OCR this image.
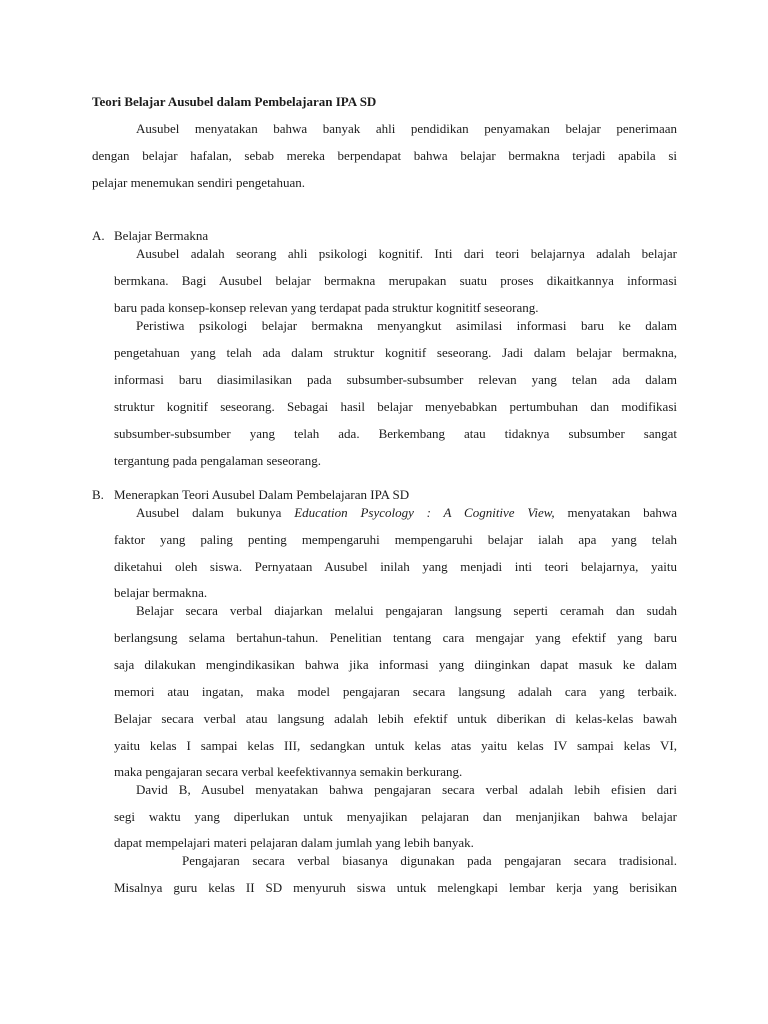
Teori Belajar Ausubel dalam Pembelajaran IPA SD
Ausubel menyatakan bahwa banyak ahli pendidikan penyamakan belajar penerimaan
dengan belajar hafalan, sebab mereka berpendapat bahwa belajar bermakna terjadi apabila si
pelajar menemukan sendiri pengetahuan.
A. Belajar Bermakna
Ausubel adalah seorang ahli psikologi kognitif. Inti dari teori belajarnya adalah belajar
bermkana. Bagi Ausubel belajar bermakna merupakan suatu proses dikaitkannya informasi
baru pada konsep-konsep relevan yang terdapat pada struktur kognititf seseorang.
Peristiwa psikologi belajar bermakna menyangkut asimilasi informasi baru ke dalam
pengetahuan yang telah ada dalam struktur kognitif seseorang. Jadi dalam belajar bermakna,
informasi baru diasimilasikan pada subsumber-subsumber relevan yang telan ada dalam
struktur kognitif seseorang. Sebagai hasil belajar menyebabkan pertumbuhan dan modifikasi
subsumber-subsumber yang telah ada. Berkembang atau tidaknya subsumber sangat
tergantung pada pengalaman seseorang.
B. Menerapkan Teori Ausubel Dalam Pembelajaran IPA SD
Ausubel dalam bukunya Education Psycology : A Cognitive View, menyatakan bahwa
faktor yang paling penting mempengaruhi mempengaruhi belajar ialah apa yang telah
diketahui oleh siswa. Pernyataan Ausubel inilah yang menjadi inti teori belajarnya, yaitu
belajar bermakna.
Belajar secara verbal diajarkan melalui pengajaran langsung seperti ceramah dan sudah
berlangsung selama bertahun-tahun. Penelitian tentang cara mengajar yang efektif yang baru
saja dilakukan mengindikasikan bahwa jika informasi yang diinginkan dapat masuk ke dalam
memori atau ingatan, maka model pengajaran secara langsung adalah cara yang terbaik.
Belajar secara verbal atau langsung adalah lebih efektif untuk diberikan di kelas-kelas bawah
yaitu kelas I sampai kelas III, sedangkan untuk kelas atas yaitu kelas IV sampai kelas VI,
maka pengajaran secara verbal keefektivannya semakin berkurang.
David B, Ausubel menyatakan bahwa pengajaran secara verbal adalah lebih efisien dari
segi waktu yang diperlukan untuk menyajikan pelajaran dan menjanjikan bahwa belajar
dapat mempelajari materi pelajaran dalam jumlah yang lebih banyak.
Pengajaran secara verbal biasanya digunakan pada pengajaran secara tradisional.
Misalnya guru kelas II SD menyuruh siswa untuk melengkapi lembar kerja yang berisikan
